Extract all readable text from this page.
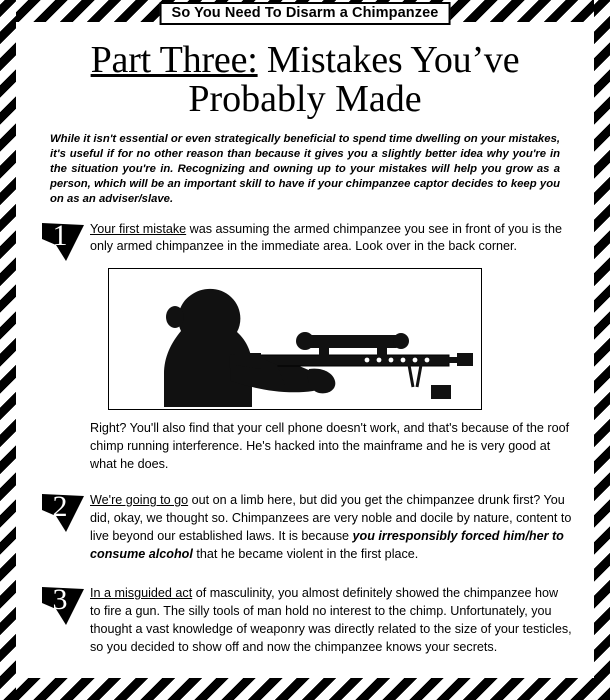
So You Need To Disarm a Chimpanzee
Part Three: Mistakes You’ve
Probably Made
While it isn't essential or even strategically beneficial to spend time dwelling on your mistakes, it's useful if for no other reason than because it gives you a slightly better idea why you're in the situation you're in. Recognizing and owning up to your mistakes will help you grow as a person, which will be an important skill to have if your chimpanzee captor decides to keep you on as an adviser/slave.
1	Your first mistake was assuming the armed chimpanzee you see in front of you is the only armed chimpanzee in the immediate area. Look over in the back corner.
Right? You'll also find that your cell phone doesn't work, and that's because of the roof chimp running interference. He's hacked into the mainframe and he is very good at what he does.
2	We're going to go out on a limb here, but did you get the chimpanzee drunk first? You did, okay, we thought so. Chimpanzees are very noble and docile by nature, content to live beyond our established laws. It is because you irresponsibly forced him/her to consume alcohol that he became violent in the first place.
3	In a misguided act of masculinity, you almost definitely showed the chimpanzee how to fire a gun. The silly tools of man hold no interest to the chimp. Unfortunately, you thought a vast knowledge of weaponry was directly related to the size of your testicles, so you decided to show off and now the chimpanzee knows your secrets.
